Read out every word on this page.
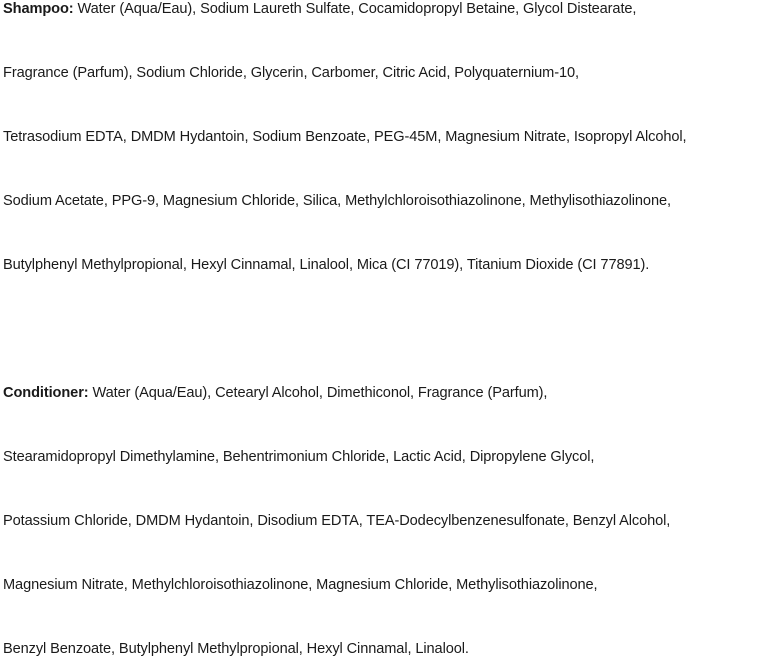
Shampoo: Water (Aqua/Eau), Sodium Laureth Sulfate, Cocamidopropyl Betaine, Glycol Distearate,
Fragrance (Parfum), Sodium Chloride, Glycerin, Carbomer, Citric Acid, Polyquaternium-10,
Tetrasodium EDTA, DMDM Hydantoin, Sodium Benzoate, PEG-45M, Magnesium Nitrate, Isopropyl Alcohol,
Sodium Acetate, PPG-9, Magnesium Chloride, Silica, Methylchloroisothiazolinone, Methylisothiazolinone,
Butylphenyl Methylpropional, Hexyl Cinnamal, Linalool, Mica (CI 77019), Titanium Dioxide (CI 77891).
Conditioner: Water (Aqua/Eau), Cetearyl Alcohol, Dimethiconol, Fragrance (Parfum),
Stearamidopropyl Dimethylamine, Behentrimonium Chloride, Lactic Acid, Dipropylene Glycol,
Potassium Chloride, DMDM Hydantoin, Disodium EDTA, TEA-Dodecylbenzenesulfonate, Benzyl Alcohol,
Magnesium Nitrate, Methylchloroisothiazolinone, Magnesium Chloride, Methylisothiazolinone,
Benzyl Benzoate, Butylphenyl Methylpropional, Hexyl Cinnamal, Linalool.
